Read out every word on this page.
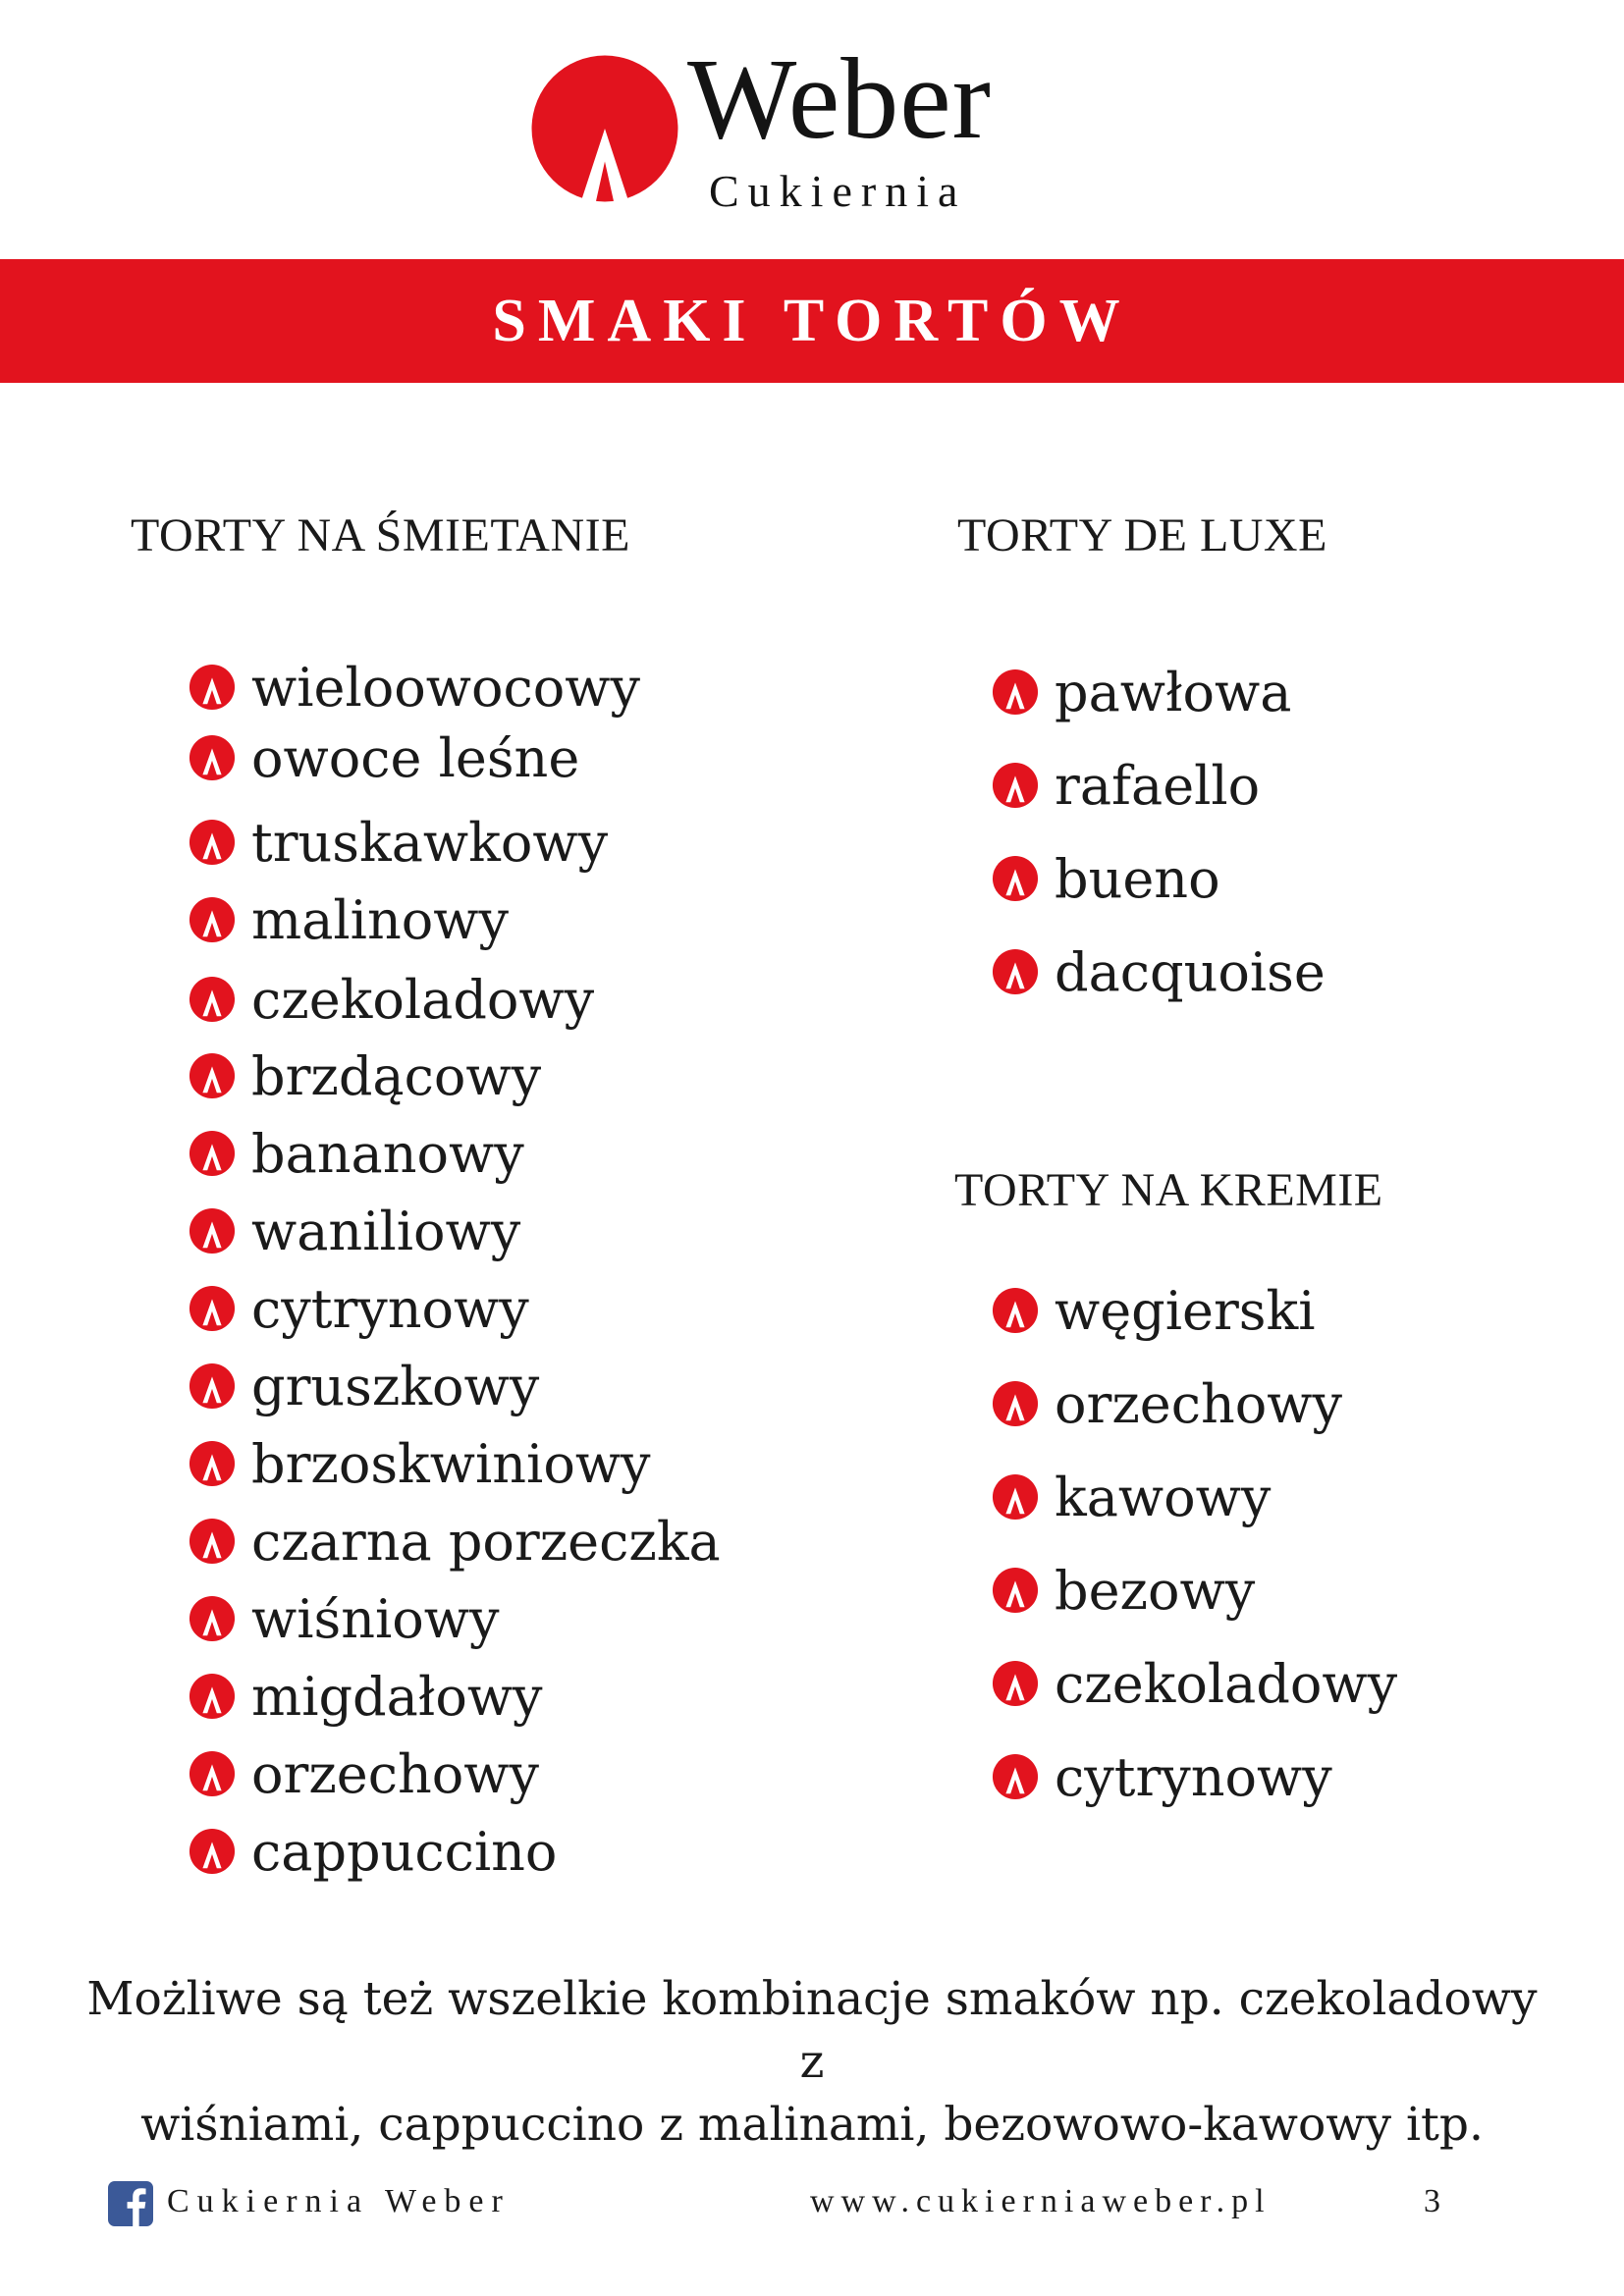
Weber
Cukiernia
SMAKI TORTÓW
TORTY NA ŚMIETANIE
wieloowocowy
owoce leśne
truskawkowy
malinowy
czekoladowy
brzdącowy
bananowy
waniliowy
cytrynowy
gruszkowy
brzoskwiniowy
czarna porzeczka
wiśniowy
migdałowy
orzechowy
cappuccino
TORTY DE LUXE
pawłowa
rafaello
bueno
dacquoise
TORTY NA KREMIE
węgierski
orzechowy
kawowy
bezowy
czekoladowy
cytrynowy
Możliwe są też wszelkie kombinacje smaków np. czekoladowy z
wiśniami, cappuccino z malinami, bezowowo-kawowy itp.
Cukiernia Weber	www.cukierniaweber.pl	3
